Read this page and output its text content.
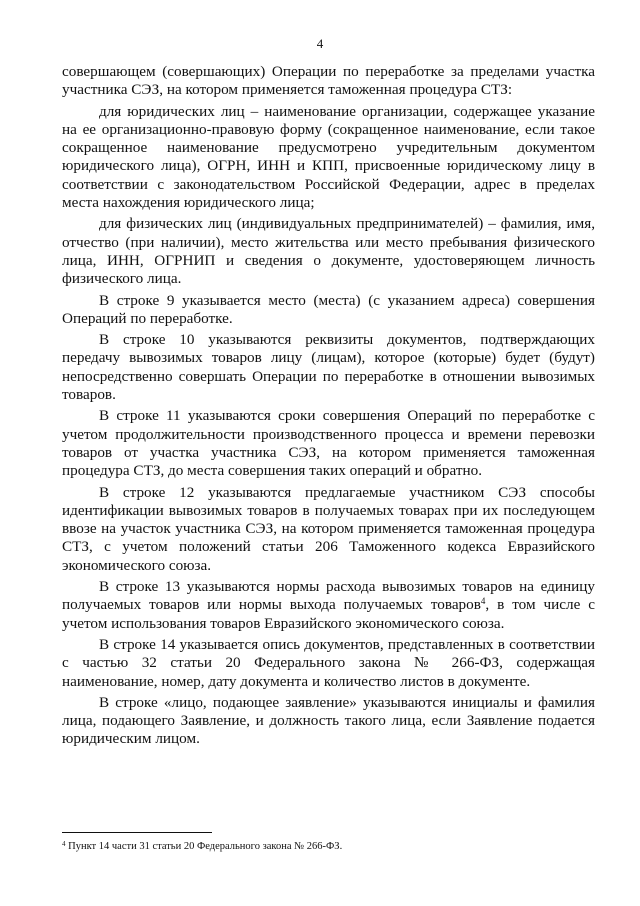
4

совершающем (совершающих) Операции по переработке за пределами участка участника СЭЗ, на котором применяется таможенная процедура СТЗ:

для юридических лиц – наименование организации, содержащее указание на ее организационно-правовую форму (сокращенное наименование, если такое сокращенное наименование предусмотрено учредительным документом юридического лица), ОГРН, ИНН и КПП, присвоенные юридическому лицу в соответствии с законодательством Российской Федерации, адрес в пределах места нахождения юридического лица;

для физических лиц (индивидуальных предпринимателей) – фамилия, имя, отчество (при наличии), место жительства или место пребывания физического лица, ИНН, ОГРНИП и сведения о документе, удостоверяющем личность физического лица.

В строке 9 указывается место (места) (с указанием адреса) совершения Операций по переработке.

В строке 10 указываются реквизиты документов, подтверждающих передачу вывозимых товаров лицу (лицам), которое (которые) будет (будут) непосредственно совершать Операции по переработке в отношении вывозимых товаров.

В строке 11 указываются сроки совершения Операций по переработке с учетом продолжительности производственного процесса и времени перевозки товаров от участка участника СЭЗ, на котором применяется таможенная процедура СТЗ, до места совершения таких операций и обратно.

В строке 12 указываются предлагаемые участником СЭЗ способы идентификации вывозимых товаров в получаемых товарах при их последующем ввозе на участок участника СЭЗ, на котором применяется таможенная процедура СТЗ, с учетом положений статьи 206 Таможенного кодекса Евразийского экономического союза.

В строке 13 указываются нормы расхода вывозимых товаров на единицу получаемых товаров или нормы выхода получаемых товаров$^4$, в том числе с учетом использования товаров Евразийского экономического союза.

В строке 14 указывается опись документов, представленных в соответствии с частью 32 статьи 20 Федерального закона № 266-ФЗ, содержащая наименование, номер, дату документа и количество листов в документе.

В строке «лицо, подающее заявление» указываются инициалы и фамилия лица, подающего Заявление, и должность такого лица, если Заявление подается юридическим лицом.

$^4$ Пункт 14 части 31 статьи 20 Федерального закона № 266-ФЗ.
